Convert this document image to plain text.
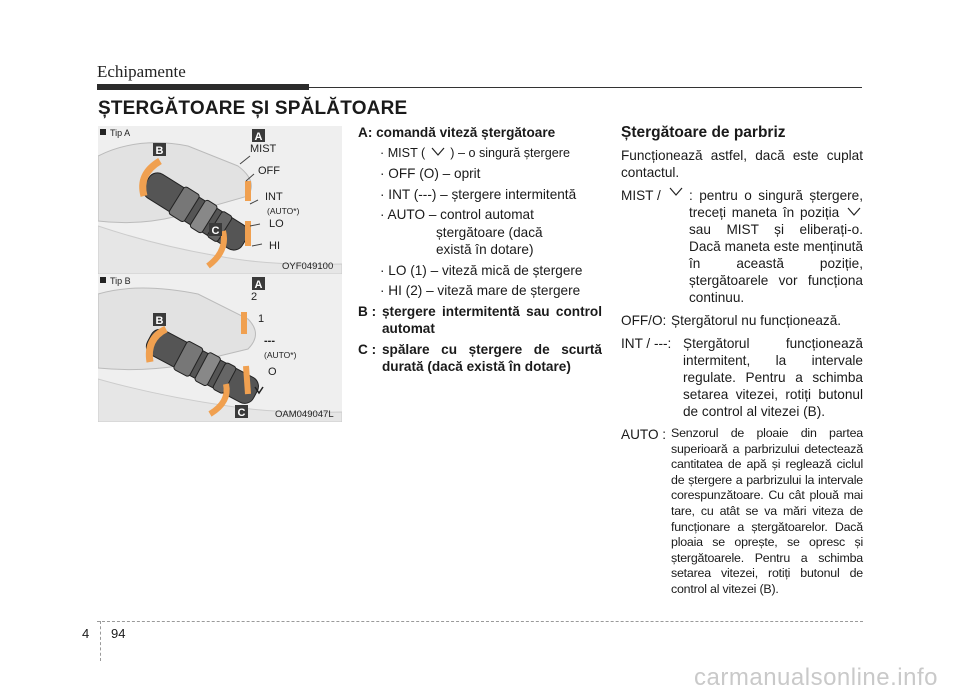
Echipamente
ȘTERGĂTOARE ȘI SPĂLĂTOARE
A
B
C
MIST
OFF
INT
(AUTO*)
LO
HI
Tip A
OYF049100
A
B
C
2
1
---
(AUTO*)
O
Tip B
OAM049047L
A: comandă viteză ștergătoare
· MIST ( ) – o singură ștergere
· OFF (O) – oprit
· INT (---) – ștergere intermitentă
· AUTO – control automat
ștergătoare (dacă
există în dotare)
· LO (1) – viteză mică de ștergere
· HI (2) – viteză mare de ștergere
B : ștergere intermitentă sau control automat
C : spălare cu ștergere de scurtă durată (dacă există în dotare)
Ștergătoare de parbriz

Funcționează astfel, dacă este cuplat contactul.

MIST /	: pentru o singură ștergere, treceți maneta în poziția
sau MIST și eliberați-o. Dacă maneta este menținută în această poziție, ștergătoarele vor funcționa continuu.
OFF/O: Ștergătorul nu funcționează.
INT / ---: Ștergătorul funcționează intermitent, la intervale regulate. Pentru a schimba setarea vitezei, rotiți butonul de control al vitezei (B).
AUTO : Senzorul de ploaie din partea superioară a parbrizului detectează cantitatea de apă și reglează ciclul de ștergere a parbrizului la intervale corespunzătoare. Cu cât plouă mai tare, cu atât se va mări viteza de funcționare a ștergătoarelor. Dacă ploaia se oprește, se opresc și ștergătoarele. Pentru a schimba setarea vitezei, rotiți butonul de control al vitezei (B).
4 94
carmanualsonline.info
